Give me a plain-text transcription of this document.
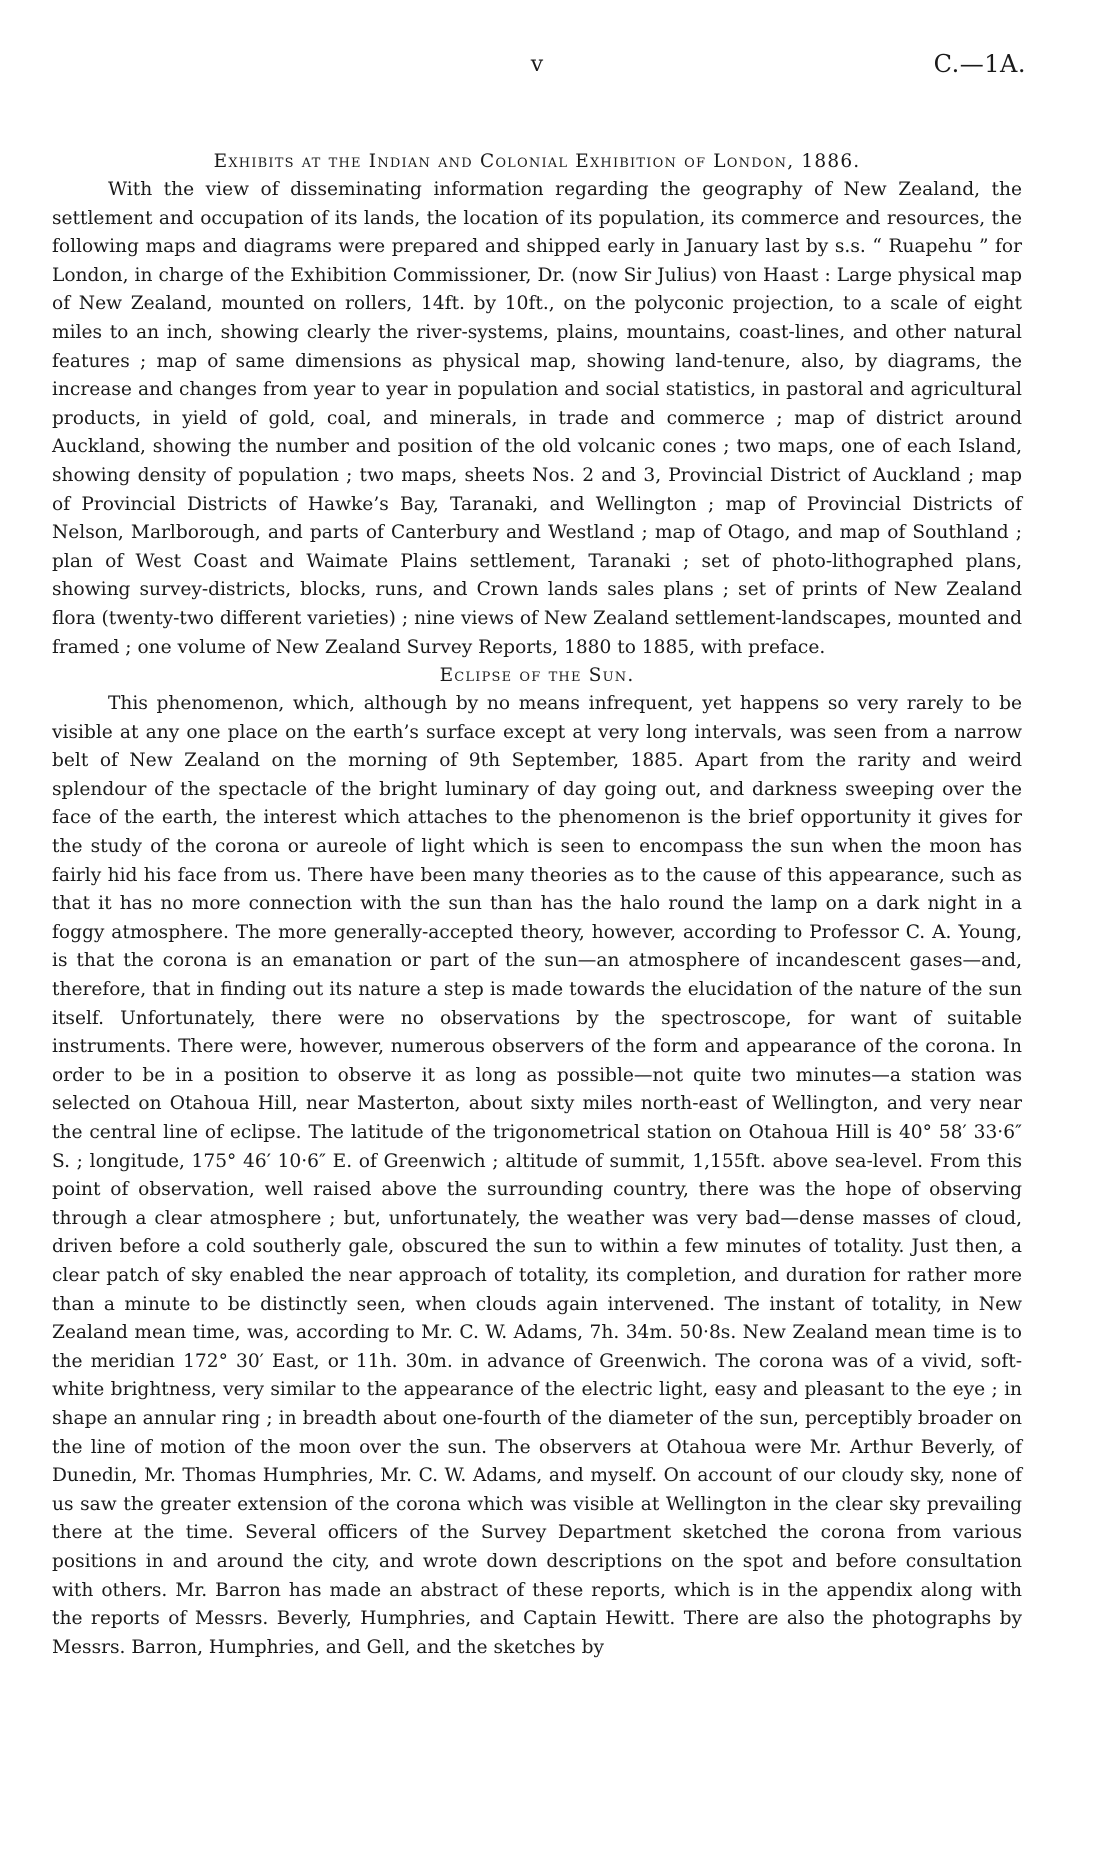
v	C.—1A.
Exhibits at the Indian and Colonial Exhibition of London, 1886.

With the view of disseminating information regarding the geography of New Zealand, the settlement and occupation of its lands, the location of its population, its commerce and resources, the following maps and diagrams were prepared and shipped early in January last by s.s. “ Ruapehu ” for London, in charge of the Exhibition Commissioner, Dr. (now Sir Julius) von Haast : Large physical map of New Zealand, mounted on rollers, 14ft. by 10ft., on the polyconic projection, to a scale of eight miles to an inch, showing clearly the river-systems, plains, mountains, coast-lines, and other natural features ; map of same dimensions as physical map, showing land-tenure, also, by diagrams, the increase and changes from year to year in population and social statistics, in pastoral and agricultural products, in yield of gold, coal, and minerals, in trade and commerce ; map of district around Auckland, showing the number and position of the old volcanic cones ; two maps, one of each Island, showing density of population ; two maps, sheets Nos. 2 and 3, Provincial District of Auckland ; map of Provincial Districts of Hawke’s Bay, Taranaki, and Wellington ; map of Provincial Districts of Nelson, Marlborough, and parts of Canterbury and Westland ; map of Otago, and map of Southland ; plan of West Coast and Waimate Plains settlement, Taranaki ; set of photo-lithographed plans, showing survey-districts, blocks, runs, and Crown lands sales plans ; set of prints of New Zealand flora (twenty-two different varieties) ; nine views of New Zealand settlement-landscapes, mounted and framed ; one volume of New Zealand Survey Reports, 1880 to 1885, with preface.

Eclipse of the Sun.

This phenomenon, which, although by no means infrequent, yet happens so very rarely to be visible at any one place on the earth’s surface except at very long intervals, was seen from a narrow belt of New Zealand on the morning of 9th September, 1885. Apart from the rarity and weird splendour of the spectacle of the bright luminary of day going out, and darkness sweeping over the face of the earth, the interest which attaches to the phenomenon is the brief opportunity it gives for the study of the corona or aureole of light which is seen to encompass the sun when the moon has fairly hid his face from us. There have been many theories as to the cause of this appearance, such as that it has no more connection with the sun than has the halo round the lamp on a dark night in a foggy atmosphere. The more generally-accepted theory, however, according to Professor C. A. Young, is that the corona is an emanation or part of the sun—an atmosphere of incandescent gases—and, therefore, that in finding out its nature a step is made towards the elucidation of the nature of the sun itself. Unfortunately, there were no observations by the spectroscope, for want of suitable instruments. There were, however, numerous observers of the form and appearance of the corona. In order to be in a position to observe it as long as possible—not quite two minutes—a station was selected on Otahoua Hill, near Masterton, about sixty miles north-east of Wellington, and very near the central line of eclipse. The latitude of the trigonometrical station on Otahoua Hill is 40° 58′ 33·6″ S. ; longitude, 175° 46′ 10·6″ E. of Greenwich ; altitude of summit, 1,155ft. above sea-level. From this point of observation, well raised above the surrounding country, there was the hope of observing through a clear atmosphere ; but, unfortunately, the weather was very bad—dense masses of cloud, driven before a cold southerly gale, obscured the sun to within a few minutes of totality. Just then, a clear patch of sky enabled the near approach of totality, its completion, and duration for rather more than a minute to be distinctly seen, when clouds again intervened. The instant of totality, in New Zealand mean time, was, according to Mr. C. W. Adams, 7h. 34m. 50·8s. New Zealand mean time is to the meridian 172° 30′ East, or 11h. 30m. in advance of Greenwich. The corona was of a vivid, soft-white brightness, very similar to the appearance of the electric light, easy and pleasant to the eye ; in shape an annular ring ; in breadth about one-fourth of the diameter of the sun, perceptibly broader on the line of motion of the moon over the sun. The observers at Otahoua were Mr. Arthur Beverly, of Dunedin, Mr. Thomas Humphries, Mr. C. W. Adams, and myself. On account of our cloudy sky, none of us saw the greater extension of the corona which was visible at Wellington in the clear sky prevailing there at the time. Several officers of the Survey Department sketched the corona from various positions in and around the city, and wrote down descriptions on the spot and before consultation with others. Mr. Barron has made an abstract of these reports, which is in the appendix along with the reports of Messrs. Beverly, Humphries, and Captain Hewitt. There are also the photographs by Messrs. Barron, Humphries, and Gell, and the sketches by
